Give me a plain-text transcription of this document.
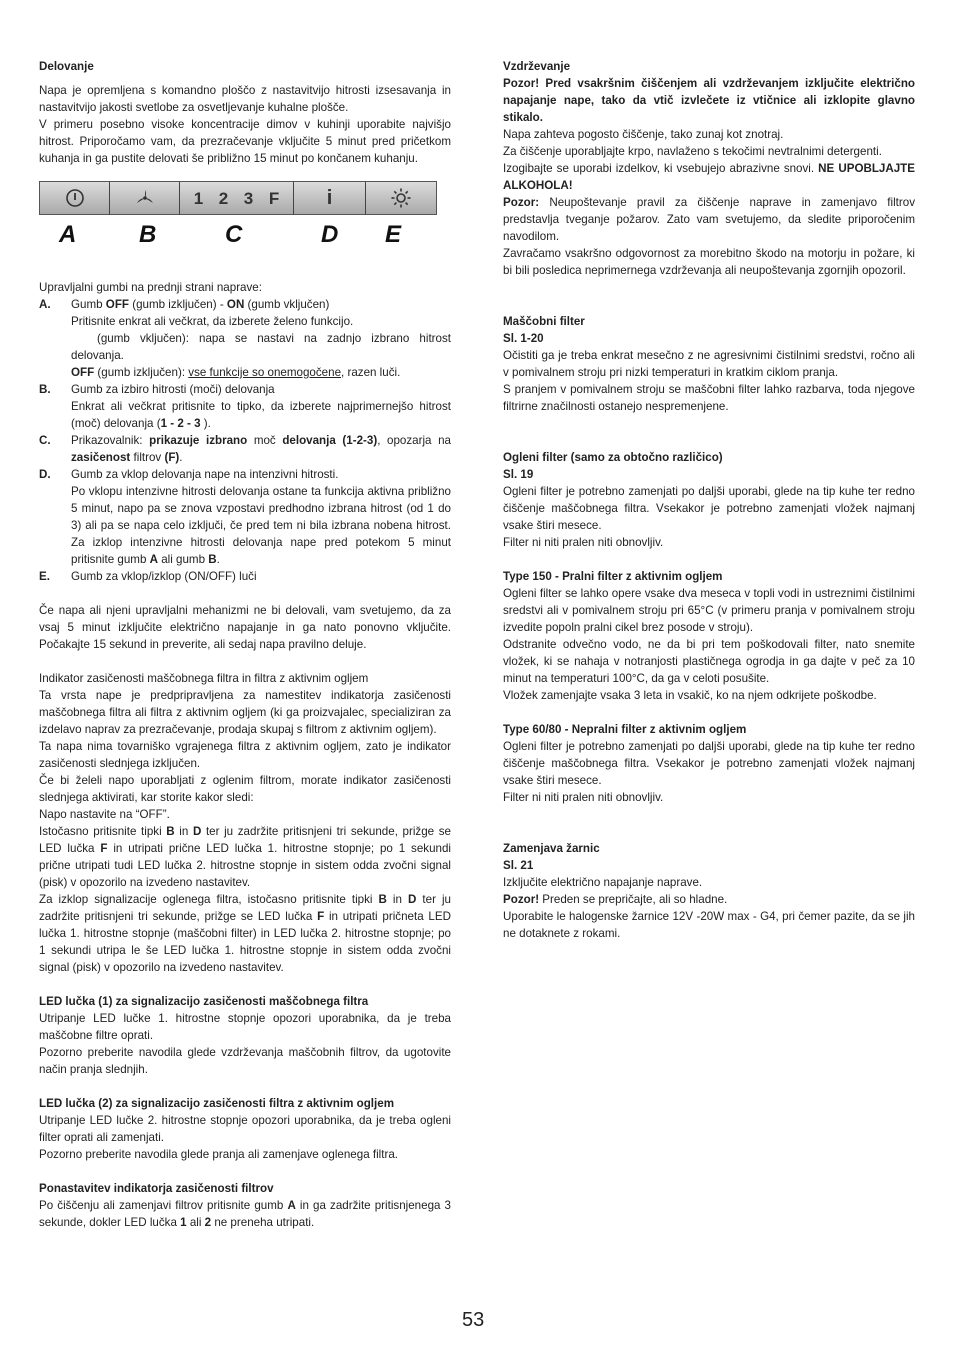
Delovanje

Napa je opremljena s komandno ploščo z nastavitvijo hitrosti izsesavanja in nastavitvijo jakosti svetlobe za osvetljevanje kuhalne plošče.

V primeru posebno visoke koncentracije dimov v kuhinji uporabite najvišjo hitrost. Priporočamo vam, da prezračevanje vključite 5 minut pred pričetkom kuhanja in ga pustite delovati še približno 15 minut po končanem kuhanju.

1 2 3 F i
A	B	C	D	E

Upravljalni gumbi na prednji strani naprave:

A.	Gumb OFF (gumb izključen) - ON (gumb vključen)

Pritisnite enkrat ali večkrat, da izberete želeno funkcijo.

(gumb vključen): napa se nastavi na zadnjo izbrano hitrost delovanja.

OFF (gumb izključen): vse funkcije so onemogočene, razen luči.

B.	Gumb za izbiro hitrosti (moči) delovanja

Enkrat ali večkrat pritisnite to tipko, da izberete najprimernejšo hitrost (moč) delovanja (1 - 2 - 3 ).

C.	Prikazovalnik: prikazuje izbrano moč delovanja (1-2-3), opozarja na zasičenost filtrov (F).

D.	Gumb za vklop delovanja nape na intenzivni hitrosti.

Po vklopu intenzivne hitrosti delovanja ostane ta funkcija aktivna približno 5 minut, napo pa se znova vzpostavi predhodno izbrana hitrost (od 1 do 3) ali pa se napa celo izključi, če pred tem ni bila izbrana nobena hitrost. Za izklop intenzivne hitrosti delovanja nape pred potekom 5 minut pritisnite gumb A ali gumb B.

E.	Gumb za vklop/izklop (ON/OFF) luči

Če napa ali njeni upravljalni mehanizmi ne bi delovali, vam svetujemo, da za vsaj 5 minut izključite električno napajanje in ga nato ponovno vključite. Počakajte 15 sekund in preverite, ali sedaj napa pravilno deluje.

Indikator zasičenosti maščobnega filtra in filtra z aktivnim ogljem

Ta vrsta nape je predpripravljena za namestitev indikatorja zasičenosti maščobnega filtra ali filtra z aktivnim ogljem (ki ga proizvajalec, specializiran za izdelavo naprav za prezračevanje, prodaja skupaj s filtrom z aktivnim ogljem).

Ta napa nima tovarniško vgrajenega filtra z aktivnim ogljem, zato je indikator zasičenosti slednjega izključen.

Če bi želeli napo uporabljati z oglenim filtrom, morate indikator zasičenosti slednjega aktivirati, kar storite kakor sledi:

Napo nastavite na “OFF”.

Istočasno pritisnite tipki B in D ter ju zadržite pritisnjeni tri sekunde, prižge se LED lučka F in utripati prične LED lučka 1. hitrostne stopnje; po 1 sekundi prične utripati tudi LED lučka 2. hitrostne stopnje in sistem odda zvočni signal (pisk) v opozorilo na izvedeno nastavitev.

Za izklop signalizacije oglenega filtra, istočasno pritisnite tipki B in D ter ju zadržite pritisnjeni tri sekunde, prižge se LED lučka F in utripati pričneta LED lučka 1. hitrostne stopnje (maščobni filter) in LED lučka 2. hitrostne stopnje; po 1 sekundi utripa le še LED lučka 1. hitrostne stopnje in sistem odda zvočni signal (pisk) v opozorilo na izvedeno nastavitev.

LED lučka (1) za signalizacijo zasičenosti maščobnega filtra

Utripanje LED lučke 1. hitrostne stopnje opozori uporabnika, da je treba maščobne filtre oprati.

Pozorno preberite navodila glede vzdrževanja maščobnih filtrov, da ugotovite način pranja slednjih.

LED lučka (2) za signalizacijo zasičenosti filtra z aktivnim ogljem

Utripanje LED lučke 2. hitrostne stopnje opozori uporabnika, da je treba ogleni filter oprati ali zamenjati.

Pozorno preberite navodila glede pranja ali zamenjave oglenega filtra.

Ponastavitev indikatorja zasičenosti filtrov

Po čiščenju ali zamenjavi filtrov pritisnite gumb A in ga zadržite pritisnjenega 3 sekunde, dokler LED lučka 1 ali 2 ne preneha utripati.

Vzdrževanje

Pozor! Pred vsakršnim čiščenjem ali vzdrževanjem izključite električno napajanje nape, tako da vtič izvlečete iz vtičnice ali izklopite glavno stikalo.

Napa zahteva pogosto čiščenje, tako zunaj kot znotraj.

Za čiščenje uporabljajte krpo, navlaženo s tekočimi nevtralnimi detergenti.

Izogibajte se uporabi izdelkov, ki vsebujejo abrazivne snovi. NE UPOBLJAJTE ALKOHOLA!

Pozor: Neupoštevanje pravil za čiščenje naprave in zamenjavo filtrov predstavlja tveganje požarov. Zato vam svetujemo, da sledite priporočenim navodilom.

Zavračamo vsakršno odgovornost za morebitno škodo na motorju in požare, ki bi bili posledica neprimernega vzdrževanja ali neupoštevanja zgornjih opozoril.

Maščobni filter

Sl. 1-20

Očistiti ga je treba enkrat mesečno z ne agresivnimi čistilnimi sredstvi, ročno ali v pomivalnem stroju pri nizki temperaturi in kratkim ciklom pranja.

S pranjem v pomivalnem stroju se maščobni filter lahko razbarva, toda njegove filtrirne značilnosti ostanejo nespremenjene.

Ogleni filter (samo za obtočno različico)

Sl. 19

Ogleni filter je potrebno zamenjati po daljši uporabi, glede na tip kuhe ter redno čiščenje maščobnega filtra. Vsekakor je potrebno zamenjati vložek najmanj vsake štiri mesece.

Filter ni niti pralen niti obnovljiv.

Type 150 - Pralni filter z aktivnim ogljem

Ogleni filter se lahko opere vsake dva meseca v topli vodi in ustreznimi čistilnimi sredstvi ali v pomivalnem stroju pri 65°C (v primeru pranja v pomivalnem stroju izvedite popoln pralni cikel brez posode v stroju).

Odstranite odvečno vodo, ne da bi pri tem poškodovali filter, nato snemite vložek, ki se nahaja v notranjosti plastičnega ogrodja in ga dajte v peč za 10 minut na temperaturi 100°C, da ga v celoti posušite.

Vložek zamenjajte vsaka 3 leta in vsakič, ko na njem odkrijete poškodbe.

Type 60/80 - Nepralni filter z aktivnim ogljem

Ogleni filter je potrebno zamenjati po daljši uporabi, glede na tip kuhe ter redno čiščenje maščobnega filtra. Vsekakor je potrebno zamenjati vložek najmanj vsake štiri mesece.

Filter ni niti pralen niti obnovljiv.

Zamenjava žarnic

Sl. 21

Izključite električno napajanje naprave.

Pozor! Preden se prepričajte, ali so hladne.

Uporabite le halogenske žarnice 12V -20W max - G4, pri čemer pazite, da se jih ne dotaknete z rokami.

53
